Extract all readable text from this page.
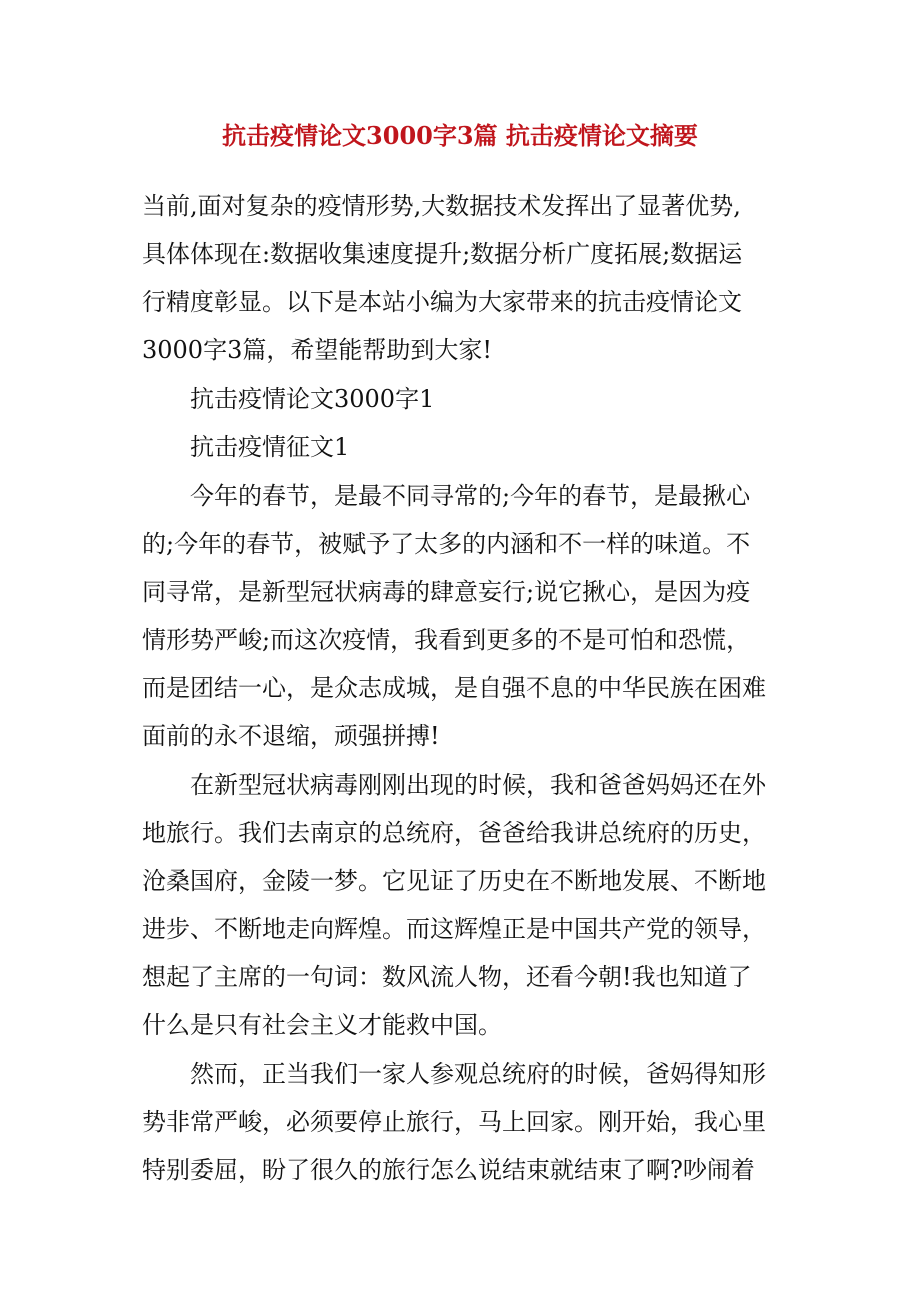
抗击疫情论文3000字3篇 抗击疫情论文摘要
当前,面对复杂的疫情形势,大数据技术发挥出了显著优势,
具体体现在:数据收集速度提升;数据分析广度拓展;数据运
行精度彰显。以下是本站小编为大家带来的抗击疫情论文
3000字3篇，希望能帮助到大家!
抗击疫情论文3000字1
抗击疫情征文1
今年的春节，是最不同寻常的;今年的春节，是最揪心
的;今年的春节，被赋予了太多的内涵和不一样的味道。不
同寻常，是新型冠状病毒的肆意妄行;说它揪心，是因为疫
情形势严峻;而这次疫情，我看到更多的不是可怕和恐慌，
而是团结一心，是众志成城，是自强不息的中华民族在困难
面前的永不退缩，顽强拼搏!
在新型冠状病毒刚刚出现的时候，我和爸爸妈妈还在外
地旅行。我们去南京的总统府，爸爸给我讲总统府的历史，
沧桑国府，金陵一梦。它见证了历史在不断地发展、不断地
进步、不断地走向辉煌。而这辉煌正是中国共产党的领导，
想起了主席的一句词：数风流人物，还看今朝!我也知道了
什么是只有社会主义才能救中国。
然而，正当我们一家人参观总统府的时候，爸妈得知形
势非常严峻，必须要停止旅行，马上回家。刚开始，我心里
特别委屈，盼了很久的旅行怎么说结束就结束了啊?吵闹着
